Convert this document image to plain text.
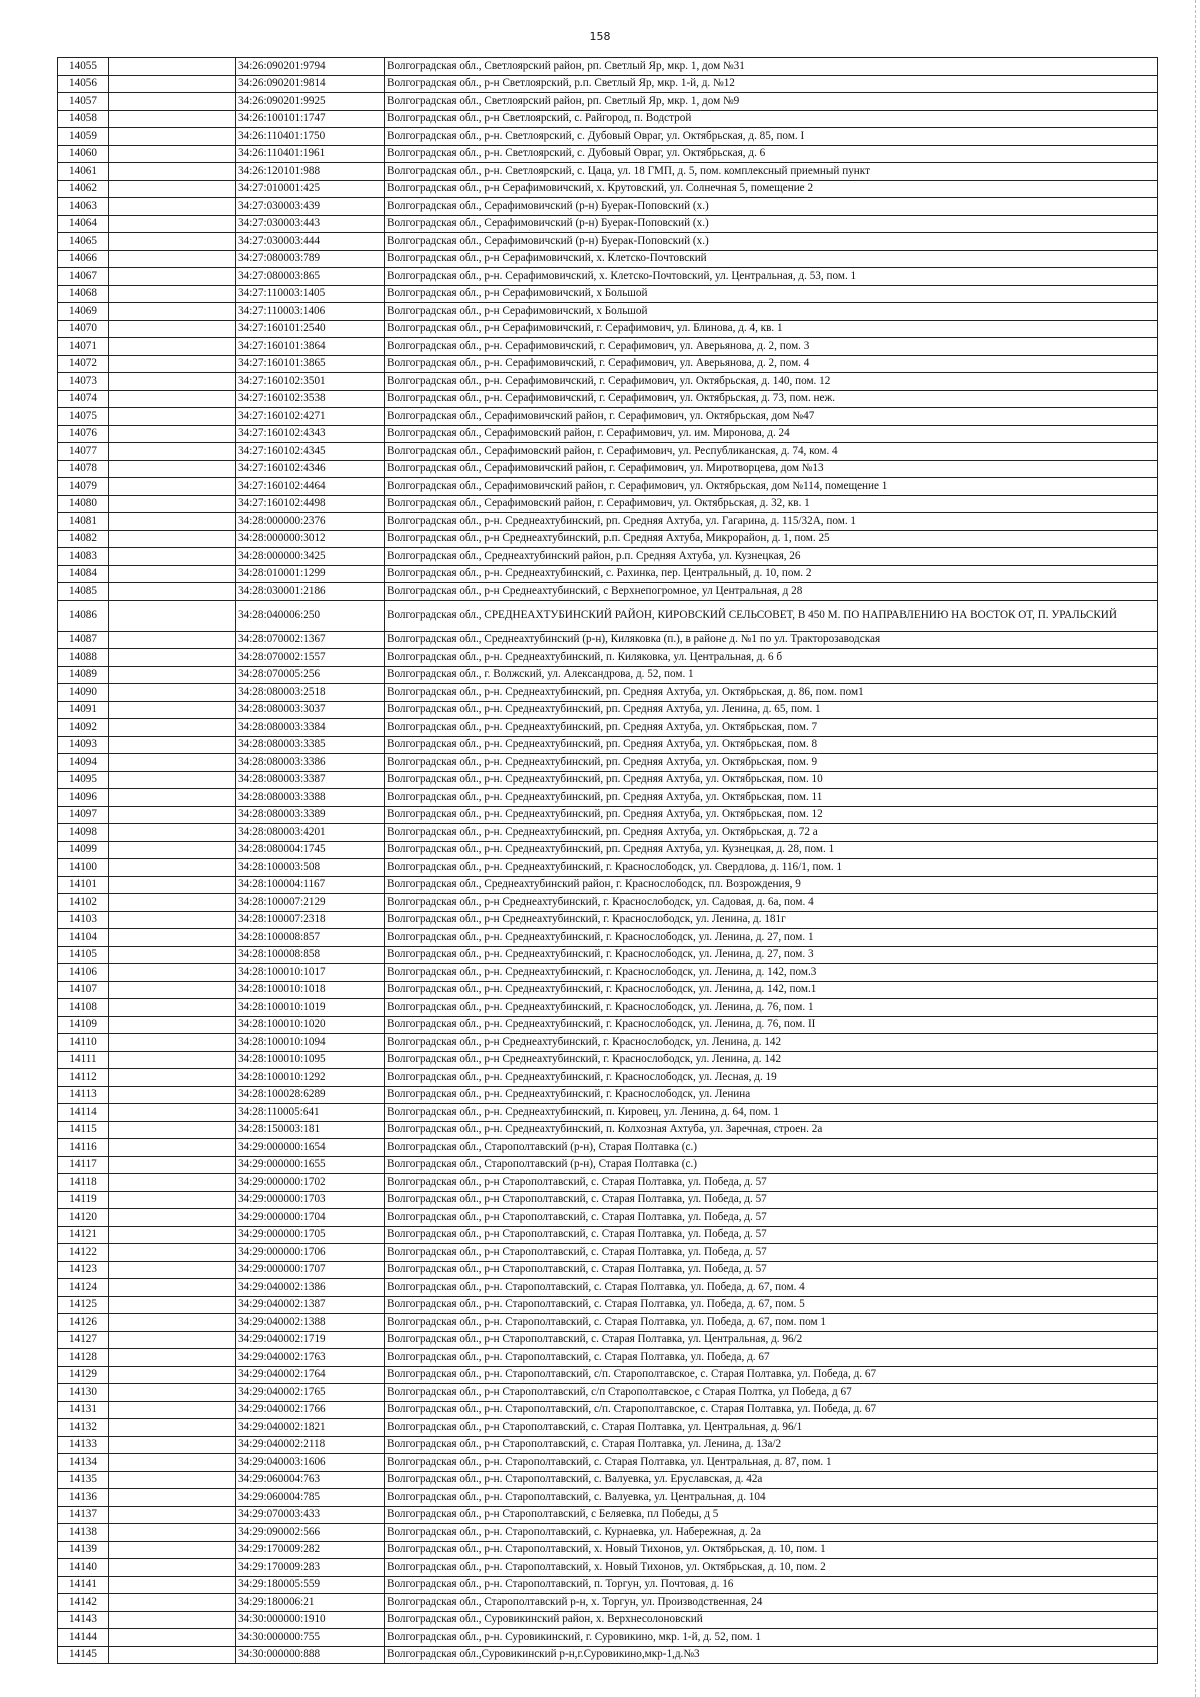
158
14055		34:26:090201:9794	Волгоградская обл., Светлоярский район, рп. Светлый Яр, мкр. 1, дом №31
14056		34:26:090201:9814	Волгоградская обл., р-н Светлоярский, р.п. Светлый Яр, мкр. 1-й, д. №12
14057		34:26:090201:9925	Волгоградская обл., Светлоярский район, рп. Светлый Яр, мкр. 1, дом №9
14058		34:26:100101:1747	Волгоградская обл., р-н Светлоярский, с. Райгород, п. Водстрой
14059		34:26:110401:1750	Волгоградская обл., р-н. Светлоярский, с. Дубовый Овраг, ул. Октябрьская, д. 85, пом. I
14060		34:26:110401:1961	Волгоградская обл., р-н. Светлоярский, с. Дубовый Овраг, ул. Октябрьская, д. 6
14061		34:26:120101:988	Волгоградская обл., р-н. Светлоярский, с. Цаца, ул. 18 ГМП, д. 5, пом. комплексный приемный пункт
14062		34:27:010001:425	Волгоградская обл., р-н Серафимовичский, х. Крутовский, ул. Солнечная 5, помещение 2
14063		34:27:030003:439	Волгоградская обл., Серафимовичский (р-н) Буерак-Поповский (х.)
14064		34:27:030003:443	Волгоградская обл., Серафимовичский (р-н) Буерак-Поповский (х.)
14065		34:27:030003:444	Волгоградская обл., Серафимовичский (р-н) Буерак-Поповский (х.)
14066		34:27:080003:789	Волгоградская обл., р-н Серафимовичский, х. Клетско-Почтовский
14067		34:27:080003:865	Волгоградская обл., р-н. Серафимовичский, х. Клетско-Почтовский, ул. Центральная, д. 53, пом. 1
14068		34:27:110003:1405	Волгоградская обл., р-н Серафимовичский, х Большой
14069		34:27:110003:1406	Волгоградская обл., р-н Серафимовичский, х Большой
14070		34:27:160101:2540	Волгоградская обл., р-н Серафимовичский, г. Серафимович, ул. Блинова, д. 4, кв. 1
14071		34:27:160101:3864	Волгоградская обл., р-н. Серафимовичский, г. Серафимович, ул. Аверьянова, д. 2, пом. 3
14072		34:27:160101:3865	Волгоградская обл., р-н. Серафимовичский, г. Серафимович, ул. Аверьянова, д. 2, пом. 4
14073		34:27:160102:3501	Волгоградская обл., р-н. Серафимовичский, г. Серафимович, ул. Октябрьская, д. 140, пом. 12
14074		34:27:160102:3538	Волгоградская обл., р-н. Серафимовичский, г. Серафимович, ул. Октябрьская, д. 73, пом. неж.
14075		34:27:160102:4271	Волгоградская обл., Серафимовичский район, г. Серафимович, ул. Октябрьская, дом №47
14076		34:27:160102:4343	Волгоградская обл., Серафимовский район, г. Серафимович, ул. им. Миронова, д. 24
14077		34:27:160102:4345	Волгоградская обл., Серафимовский район, г. Серафимович, ул. Республиканская, д. 74, ком. 4
14078		34:27:160102:4346	Волгоградская обл., Серафимовичский район, г. Серафимович, ул. Миротворцева, дом №13
14079		34:27:160102:4464	Волгоградская обл., Серафимовичский район, г. Серафимович, ул. Октябрьская, дом №114, помещение 1
14080		34:27:160102:4498	Волгоградская обл., Серафимовский район, г. Серафимович, ул. Октябрьская, д. 32, кв. 1
14081		34:28:000000:2376	Волгоградская обл., р-н. Среднеахтубинский, рп. Средняя Ахтуба, ул. Гагарина, д. 115/32А, пом. 1
14082		34:28:000000:3012	Волгоградская обл., р-н Среднеахтубинский, р.п. Средняя Ахтуба, Микрорайон, д. 1, пом. 25
14083		34:28:000000:3425	Волгоградская обл., Среднеахтубинский район, р.п. Средняя Ахтуба, ул. Кузнецкая, 26
14084		34:28:010001:1299	Волгоградская обл., р-н. Среднеахтубинский, с. Рахинка, пер. Центральный, д. 10, пом. 2
14085		34:28:030001:2186	Волгоградская обл., р-н Среднеахтубинский, с Верхнепогромное, ул Центральная, д 28
14086		34:28:040006:250	Волгоградская обл., СРЕДНЕАХТУБИНСКИЙ РАЙОН, КИРОВСКИЙ СЕЛЬСОВЕТ, В 450 М. ПО НАПРАВЛЕНИЮ НА ВОСТОК ОТ, П. УРАЛЬСКИЙ
14087		34:28:070002:1367	Волгоградская обл., Среднеахтубинский (р-н), Киляковка (п.), в районе д. №1 по ул. Тракторозаводская
14088		34:28:070002:1557	Волгоградская обл., р-н. Среднеахтубинский, п. Киляковка, ул. Центральная, д. 6 б
14089		34:28:070005:256	Волгоградская обл., г. Волжский, ул. Александрова, д. 52, пом. 1
14090		34:28:080003:2518	Волгоградская обл., р-н. Среднеахтубинский, рп. Средняя Ахтуба, ул. Октябрьская, д. 86, пом. пом1
14091		34:28:080003:3037	Волгоградская обл., р-н. Среднеахтубинский, рп. Средняя Ахтуба, ул. Ленина, д. 65, пом. 1
14092		34:28:080003:3384	Волгоградская обл., р-н. Среднеахтубинский, рп. Средняя Ахтуба, ул. Октябрьская, пом. 7
14093		34:28:080003:3385	Волгоградская обл., р-н. Среднеахтубинский, рп. Средняя Ахтуба, ул. Октябрьская, пом. 8
14094		34:28:080003:3386	Волгоградская обл., р-н. Среднеахтубинский, рп. Средняя Ахтуба, ул. Октябрьская, пом. 9
14095		34:28:080003:3387	Волгоградская обл., р-н. Среднеахтубинский, рп. Средняя Ахтуба, ул. Октябрьская, пом. 10
14096		34:28:080003:3388	Волгоградская обл., р-н. Среднеахтубинский, рп. Средняя Ахтуба, ул. Октябрьская, пом. 11
14097		34:28:080003:3389	Волгоградская обл., р-н. Среднеахтубинский, рп. Средняя Ахтуба, ул. Октябрьская, пом. 12
14098		34:28:080003:4201	Волгоградская обл., р-н. Среднеахтубинский, рп. Средняя Ахтуба, ул. Октябрьская, д. 72 а
14099		34:28:080004:1745	Волгоградская обл., р-н. Среднеахтубинский, рп. Средняя Ахтуба, ул. Кузнецкая, д. 28, пом. 1
14100		34:28:100003:508	Волгоградская обл., р-н. Среднеахтубинский, г. Краснослободск, ул. Свердлова, д. 116/1, пом. 1
14101		34:28:100004:1167	Волгоградская обл., Среднеахтубинский район, г. Краснослободск, пл. Возрождения, 9
14102		34:28:100007:2129	Волгоградская обл., р-н Среднеахтубинский, г. Краснослободск, ул. Садовая, д. 6а, пом. 4
14103		34:28:100007:2318	Волгоградская обл., р-н Среднеахтубинский, г. Краснослободск, ул. Ленина, д. 181г
14104		34:28:100008:857	Волгоградская обл., р-н. Среднеахтубинский, г. Краснослободск, ул. Ленина, д. 27, пом. 1
14105		34:28:100008:858	Волгоградская обл., р-н. Среднеахтубинский, г. Краснослободск, ул. Ленина, д. 27, пом. 3
14106		34:28:100010:1017	Волгоградская обл., р-н. Среднеахтубинский, г. Краснослободск, ул. Ленина, д. 142, пом.3
14107		34:28:100010:1018	Волгоградская обл., р-н. Среднеахтубинский, г. Краснослободск, ул. Ленина, д. 142, пом.1
14108		34:28:100010:1019	Волгоградская обл., р-н. Среднеахтубинский, г. Краснослободск, ул. Ленина, д. 76, пом. 1
14109		34:28:100010:1020	Волгоградская обл., р-н. Среднеахтубинский, г. Краснослободск, ул. Ленина, д. 76, пом. II
14110		34:28:100010:1094	Волгоградская обл., р-н Среднеахтубинский, г. Краснослободск, ул. Ленина, д. 142
14111		34:28:100010:1095	Волгоградская обл., р-н Среднеахтубинский, г. Краснослободск, ул. Ленина, д. 142
14112		34:28:100010:1292	Волгоградская обл., р-н. Среднеахтубинский, г. Краснослободск, ул. Лесная, д. 19
14113		34:28:100028:6289	Волгоградская обл., р-н. Среднеахтубинский, г. Краснослободск, ул. Ленина
14114		34:28:110005:641	Волгоградская обл., р-н. Среднеахтубинский, п. Кировец, ул. Ленина, д. 64, пом. 1
14115		34:28:150003:181	Волгоградская обл., р-н. Среднеахтубинский, п. Колхозная Ахтуба, ул. Заречная, строен. 2а
14116		34:29:000000:1654	Волгоградская обл., Старополтавский (р-н), Старая Полтавка (с.)
14117		34:29:000000:1655	Волгоградская обл., Старополтавский (р-н), Старая Полтавка (с.)
14118		34:29:000000:1702	Волгоградская обл., р-н Старополтавский, с. Старая Полтавка, ул. Победа, д. 57
14119		34:29:000000:1703	Волгоградская обл., р-н Старополтавский, с. Старая Полтавка, ул. Победа, д. 57
14120		34:29:000000:1704	Волгоградская обл., р-н Старополтавский, с. Старая Полтавка, ул. Победа, д. 57
14121		34:29:000000:1705	Волгоградская обл., р-н Старополтавский, с. Старая Полтавка, ул. Победа, д. 57
14122		34:29:000000:1706	Волгоградская обл., р-н Старополтавский, с. Старая Полтавка, ул. Победа, д. 57
14123		34:29:000000:1707	Волгоградская обл., р-н Старополтавский, с. Старая Полтавка, ул. Победа, д. 57
14124		34:29:040002:1386	Волгоградская обл., р-н. Старополтавский, с. Старая Полтавка, ул. Победа, д. 67, пом. 4
14125		34:29:040002:1387	Волгоградская обл., р-н. Старополтавский, с. Старая Полтавка, ул. Победа, д. 67, пом. 5
14126		34:29:040002:1388	Волгоградская обл., р-н. Старополтавский, с. Старая Полтавка, ул. Победа, д. 67, пом. пом 1
14127		34:29:040002:1719	Волгоградская обл., р-н Старополтавский, с. Старая Полтавка, ул. Центральная, д. 96/2
14128		34:29:040002:1763	Волгоградская обл., р-н. Старополтавский, с. Старая Полтавка, ул. Победа, д. 67
14129		34:29:040002:1764	Волгоградская обл., р-н. Старополтавский, с/п. Старополтавское, с. Старая Полтавка, ул. Победа, д. 67
14130		34:29:040002:1765	Волгоградская обл., р-н Старополтавский, с/п Старополтавское, с Старая Полтка, ул Победа, д 67
14131		34:29:040002:1766	Волгоградская обл., р-н. Старополтавский, с/п. Старополтавское, с. Старая Полтавка, ул. Победа, д. 67
14132		34:29:040002:1821	Волгоградская обл., р-н Старополтавский, с. Старая Полтавка, ул. Центральная, д. 96/1
14133		34:29:040002:2118	Волгоградская обл., р-н Старополтавский, с. Старая Полтавка, ул. Ленина, д. 13а/2
14134		34:29:040003:1606	Волгоградская обл., р-н. Старополтавский, с. Старая Полтавка, ул. Центральная, д. 87, пом. 1
14135		34:29:060004:763	Волгоградская обл., р-н. Старополтавский, с. Валуевка, ул. Еруславская, д. 42а
14136		34:29:060004:785	Волгоградская обл., р-н. Старополтавский, с. Валуевка, ул. Центральная, д. 104
14137		34:29:070003:433	Волгоградская обл., р-н Старополтавский, с Беляевка, пл Победы, д 5
14138		34:29:090002:566	Волгоградская обл., р-н. Старополтавский, с. Курнаевка, ул. Набережная, д. 2а
14139		34:29:170009:282	Волгоградская обл., р-н. Старополтавский, х. Новый Тихонов, ул. Октябрьская, д. 10, пом. 1
14140		34:29:170009:283	Волгоградская обл., р-н. Старополтавский, х. Новый Тихонов, ул. Октябрьская, д. 10, пом. 2
14141		34:29:180005:559	Волгоградская обл., р-н. Старополтавский, п. Торгун, ул. Почтовая, д. 16
14142		34:29:180006:21	Волгоградская обл., Старополтавский р-н, х. Торгун, ул. Производственная, 24
14143		34:30:000000:1910	Волгоградская обл., Суровикинский район, х. Верхнесолоновский
14144		34:30:000000:755	Волгоградская обл., р-н. Суровикинский, г. Суровикино, мкр. 1-й, д. 52, пом. 1
14145		34:30:000000:888	Волгоградская обл.,Суровикинский р-н,г.Суровикино,мкр-1,д.№3
